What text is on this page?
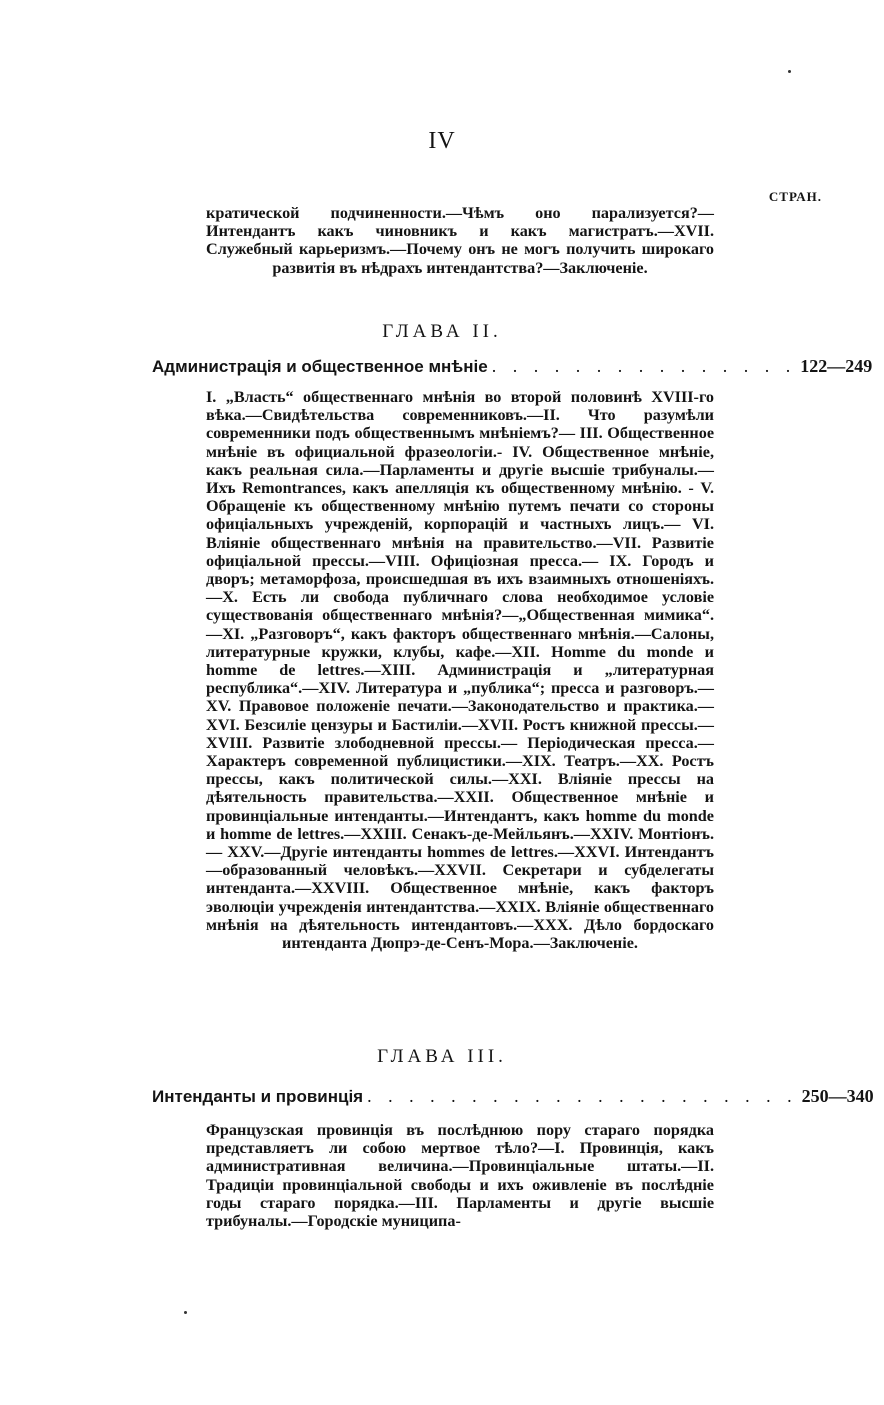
IV
СТРАН.
кратической подчиненности.—Чѣмъ оно парализуется?— Интендантъ какъ чиновникъ и какъ магистратъ.—XVII. Служебный карьеризмъ.—Почему онъ не могъ получить широкаго развитія въ нѣдрахъ интендантства?—Заключеніе.
ГЛАВА II.
Администрація и общественное мнѣніе . . . . . . . . . . . . . . . 122—249
I. „Власть“ общественнаго мнѣнія во второй половинѣ XVIII-го вѣка.—Свидѣтельства современниковъ.—II. Что разумѣли современники подъ общественнымъ мнѣніемъ?— III. Общественное мнѣніе въ официальной фразеологіи.- IV. Общественное мнѣніе, какъ реальная сила.—Парламенты и другіе высшіе трибуналы.—Ихъ Remontrances, какъ апелляція къ общественному мнѣнію. - V. Обращеніе къ общественному мнѣнію путемъ печати со стороны офиціальныхъ учрежденій, корпорацій и частныхъ лицъ.— VI. Вліяніе общественнаго мнѣнія на правительство.—VII. Развитіе офиціальной прессы.—VIII. Офиціозная пресса.— IX. Городъ и дворъ; метаморфоза, происшедшая въ ихъ взаимныхъ отношеніяхъ.—X. Есть ли свобода публичнаго слова необходимое условіе существованія общественнаго мнѣнія?—„Общественная мимика“.—XI. „Разговоръ“, какъ факторъ общественнаго мнѣнія.—Салоны, литературные кружки, клубы, кафе.—XII. Homme du monde и homme de lettres.—XIII. Администрація и „литературная республика“.—XIV. Литература и „публика“; пресса и разговоръ.— XV. Правовое положеніе печати.—Законодательство и практика.—XVI. Безсиліе цензуры и Бастиліи.—XVII. Ростъ книжной прессы.—XVIII. Развитіе злободневной прессы.— Періодическая пресса.—Характеръ современной публицистики.—XIX. Театръ.—XX. Ростъ прессы, какъ политической силы.—XXI. Вліяніе прессы на дѣятельность правительства.—XXII. Общественное мнѣніе и провинціальные интенданты.—Интендантъ, какъ homme du monde и homme de lettres.—XXIII. Сенакъ-де-Мейльянъ.—XXIV. Монтіонъ.— XXV.—Другіе интенданты hommes de lettres.—XXVI. Интендантъ—образованный человѣкъ.—XXVII. Секретари и субделегаты интенданта.—XXVIII. Общественное мнѣніе, какъ факторъ эволюціи учрежденія интендантства.—XXIX. Вліяніе общественнаго мнѣнія на дѣятельность интендантовъ.—XXX. Дѣло бордоскаго интенданта Дюпрэ-де-Сенъ-Мора.—Заключеніе.
ГЛАВА III.
Интенданты и провинція . . . . . . . . . . . . . . . . . . . . . 250—340
Французская провинція въ послѣднюю пору стараго порядка представляетъ ли собою мертвое тѣло?—I. Провинція, какъ административная величина.—Провинціальные штаты.—II. Традиціи провинціальной свободы и ихъ оживленіе въ послѣдніе годы стараго порядка.—III. Парламенты и другіе высшіе трибуналы.—Городскіе муниципа-
